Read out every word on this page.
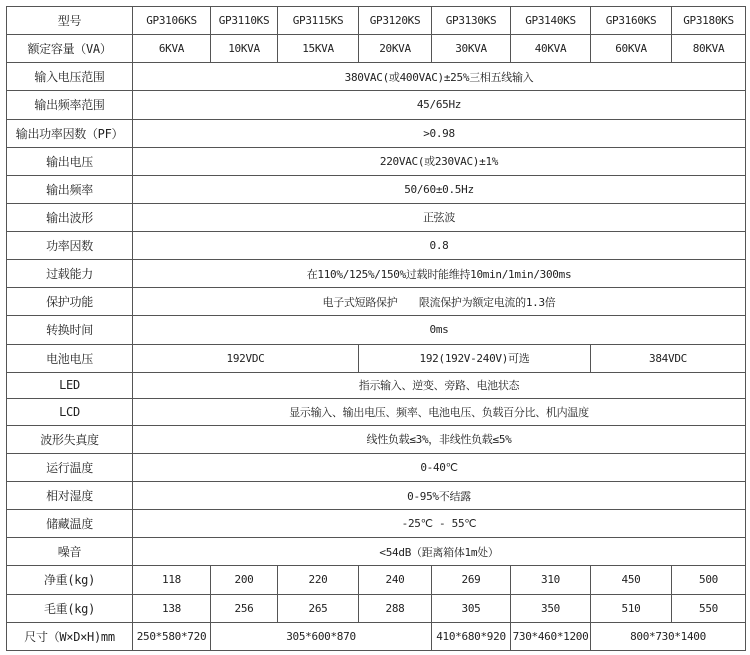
型号	GP3106KS	GP3110KS	GP3115KS	GP3120KS	GP3130KS	GP3140KS	GP3160KS	GP3180KS
额定容量（VA）	6KVA	10KVA	15KVA	20KVA	30KVA	40KVA	60KVA	80KVA
输入电压范围	380VAC(或400VAC)±25%三相五线输入							
输出频率范围	45/65Hz							
输出功率因数（PF）	>0.98							
输出电压	220VAC(或230VAC)±1%							
输出频率	50/60±0.5Hz							
输出波形	正弦波							
功率因数	0.8							
过载能力	在110%/125%/150%过载时能维持10min/1min/300ms							
保护功能	电子式短路保护　　限流保护为额定电流的1.3倍							
转换时间	0ms							
电池电压	192VDC			192(192V-240V)可选			384VDC	
LED	指示输入、逆变、旁路、电池状态							
LCD	显示输入、输出电压、频率、电池电压、负载百分比、机内温度							
波形失真度	线性负载≤3%，非线性负载≤5%							
运行温度	0-40℃							
相对湿度	0-95%不结露							
储藏温度	-25℃ - 55℃							
噪音	<54dB（距离箱体1m处）							
净重(kg)	118	200	220	240	269	310	450	500
毛重(kg)	138	256	265	288	305	350	510	550
尺寸（W×D×H)mm	250*580*720	305*600*870			410*680*920	730*460*1200	800*730*1400	
